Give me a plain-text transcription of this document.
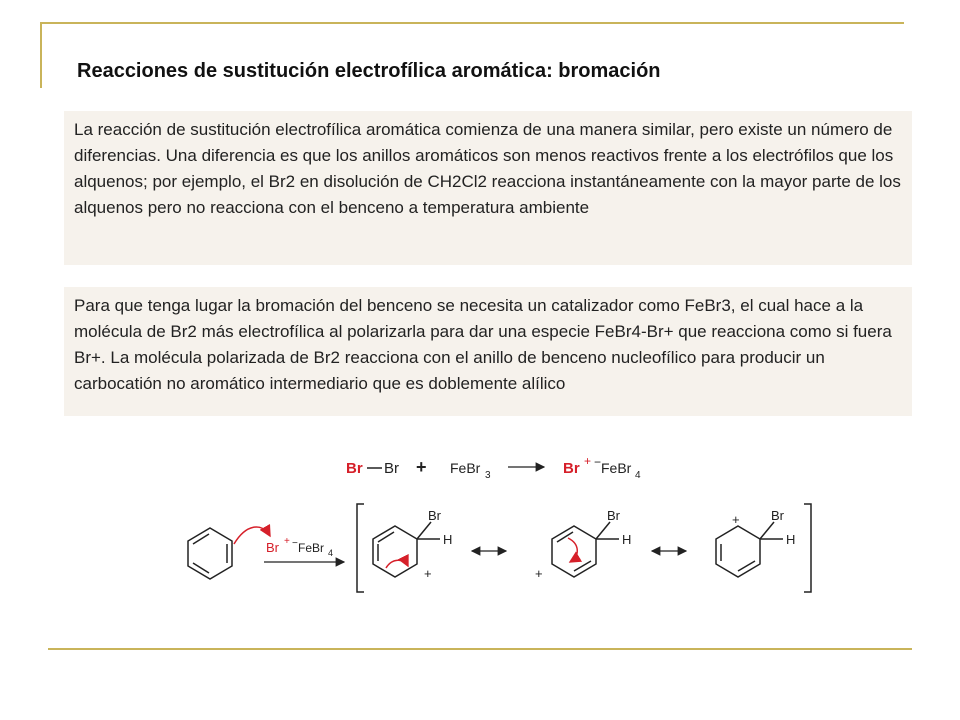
Reacciones de sustitución electrofílica aromática: bromación
La reacción de sustitución electrofílica aromática comienza de una manera similar, pero existe un número de diferencias. Una diferencia es que los anillos aromáticos son menos reactivos frente a los electrófilos que los alquenos; por ejemplo, el Br2 en disolución de CH2Cl2 reacciona instantáneamente con la mayor parte de los alquenos pero no reacciona con el benceno a temperatura ambiente
Para que tenga lugar la bromación del benceno se necesita un catalizador como FeBr3, el cual hace a la molécula de Br2 más electrofílica al polarizarla para dar una especie FeBr4-Br+ que reacciona como si fuera Br+. La molécula polarizada de Br2 reacciona con el anillo de benceno nucleofílico para producir un carbocatión no aromático intermediario que es doblemente alílico
Br Br + FeBr 3	Br + − FeBr 4
Br + − FeBr 4
Br
H
+
Br
H
+
Br
H
+
